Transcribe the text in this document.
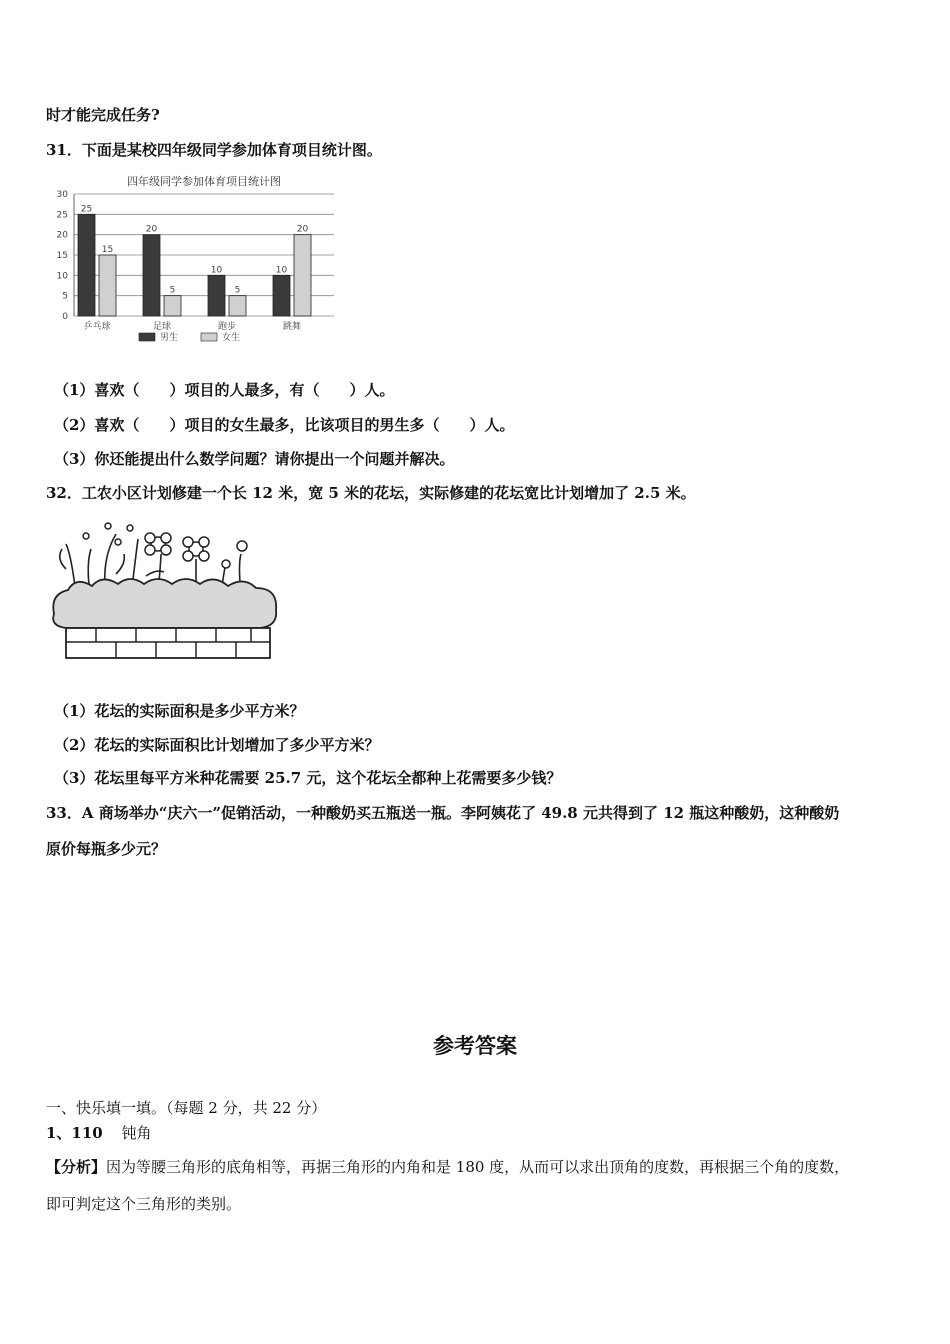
时才能完成任务?
31．下面是某校四年级同学参加体育项目统计图。
四年级同学参加体育项目统计图
0
5
10
15
20
25
30
25
15
乒乓球
20
5
足球
10
5
跑步
10
20
跳舞
男生	女生
（1）喜欢（　　）项目的人最多，有（　　）人。
（2）喜欢（　　）项目的女生最多，比该项目的男生多（　　）人。
（3）你还能提出什么数学问题？请你提出一个问题并解决。
32．工农小区计划修建一个长 12 米，宽 5 米的花坛，实际修建的花坛宽比计划增加了 2.5 米。
（1）花坛的实际面积是多少平方米？
（2）花坛的实际面积比计划增加了多少平方米？
（3）花坛里每平方米种花需要 25.7 元，这个花坛全都种上花需要多少钱？
33．A 商场举办“庆六一”促销活动，一种酸奶买五瓶送一瓶。李阿姨花了 49.8 元共得到了 12 瓶这种酸奶，这种酸奶
原价每瓶多少元？
参考答案
一、快乐填一填。（每题 2 分，共 22 分）
1、110 钝角
【分析】因为等腰三角形的底角相等，再据三角形的内角和是 180 度，从而可以求出顶角的度数，再根据三个角的度数，
即可判定这个三角形的类别。
